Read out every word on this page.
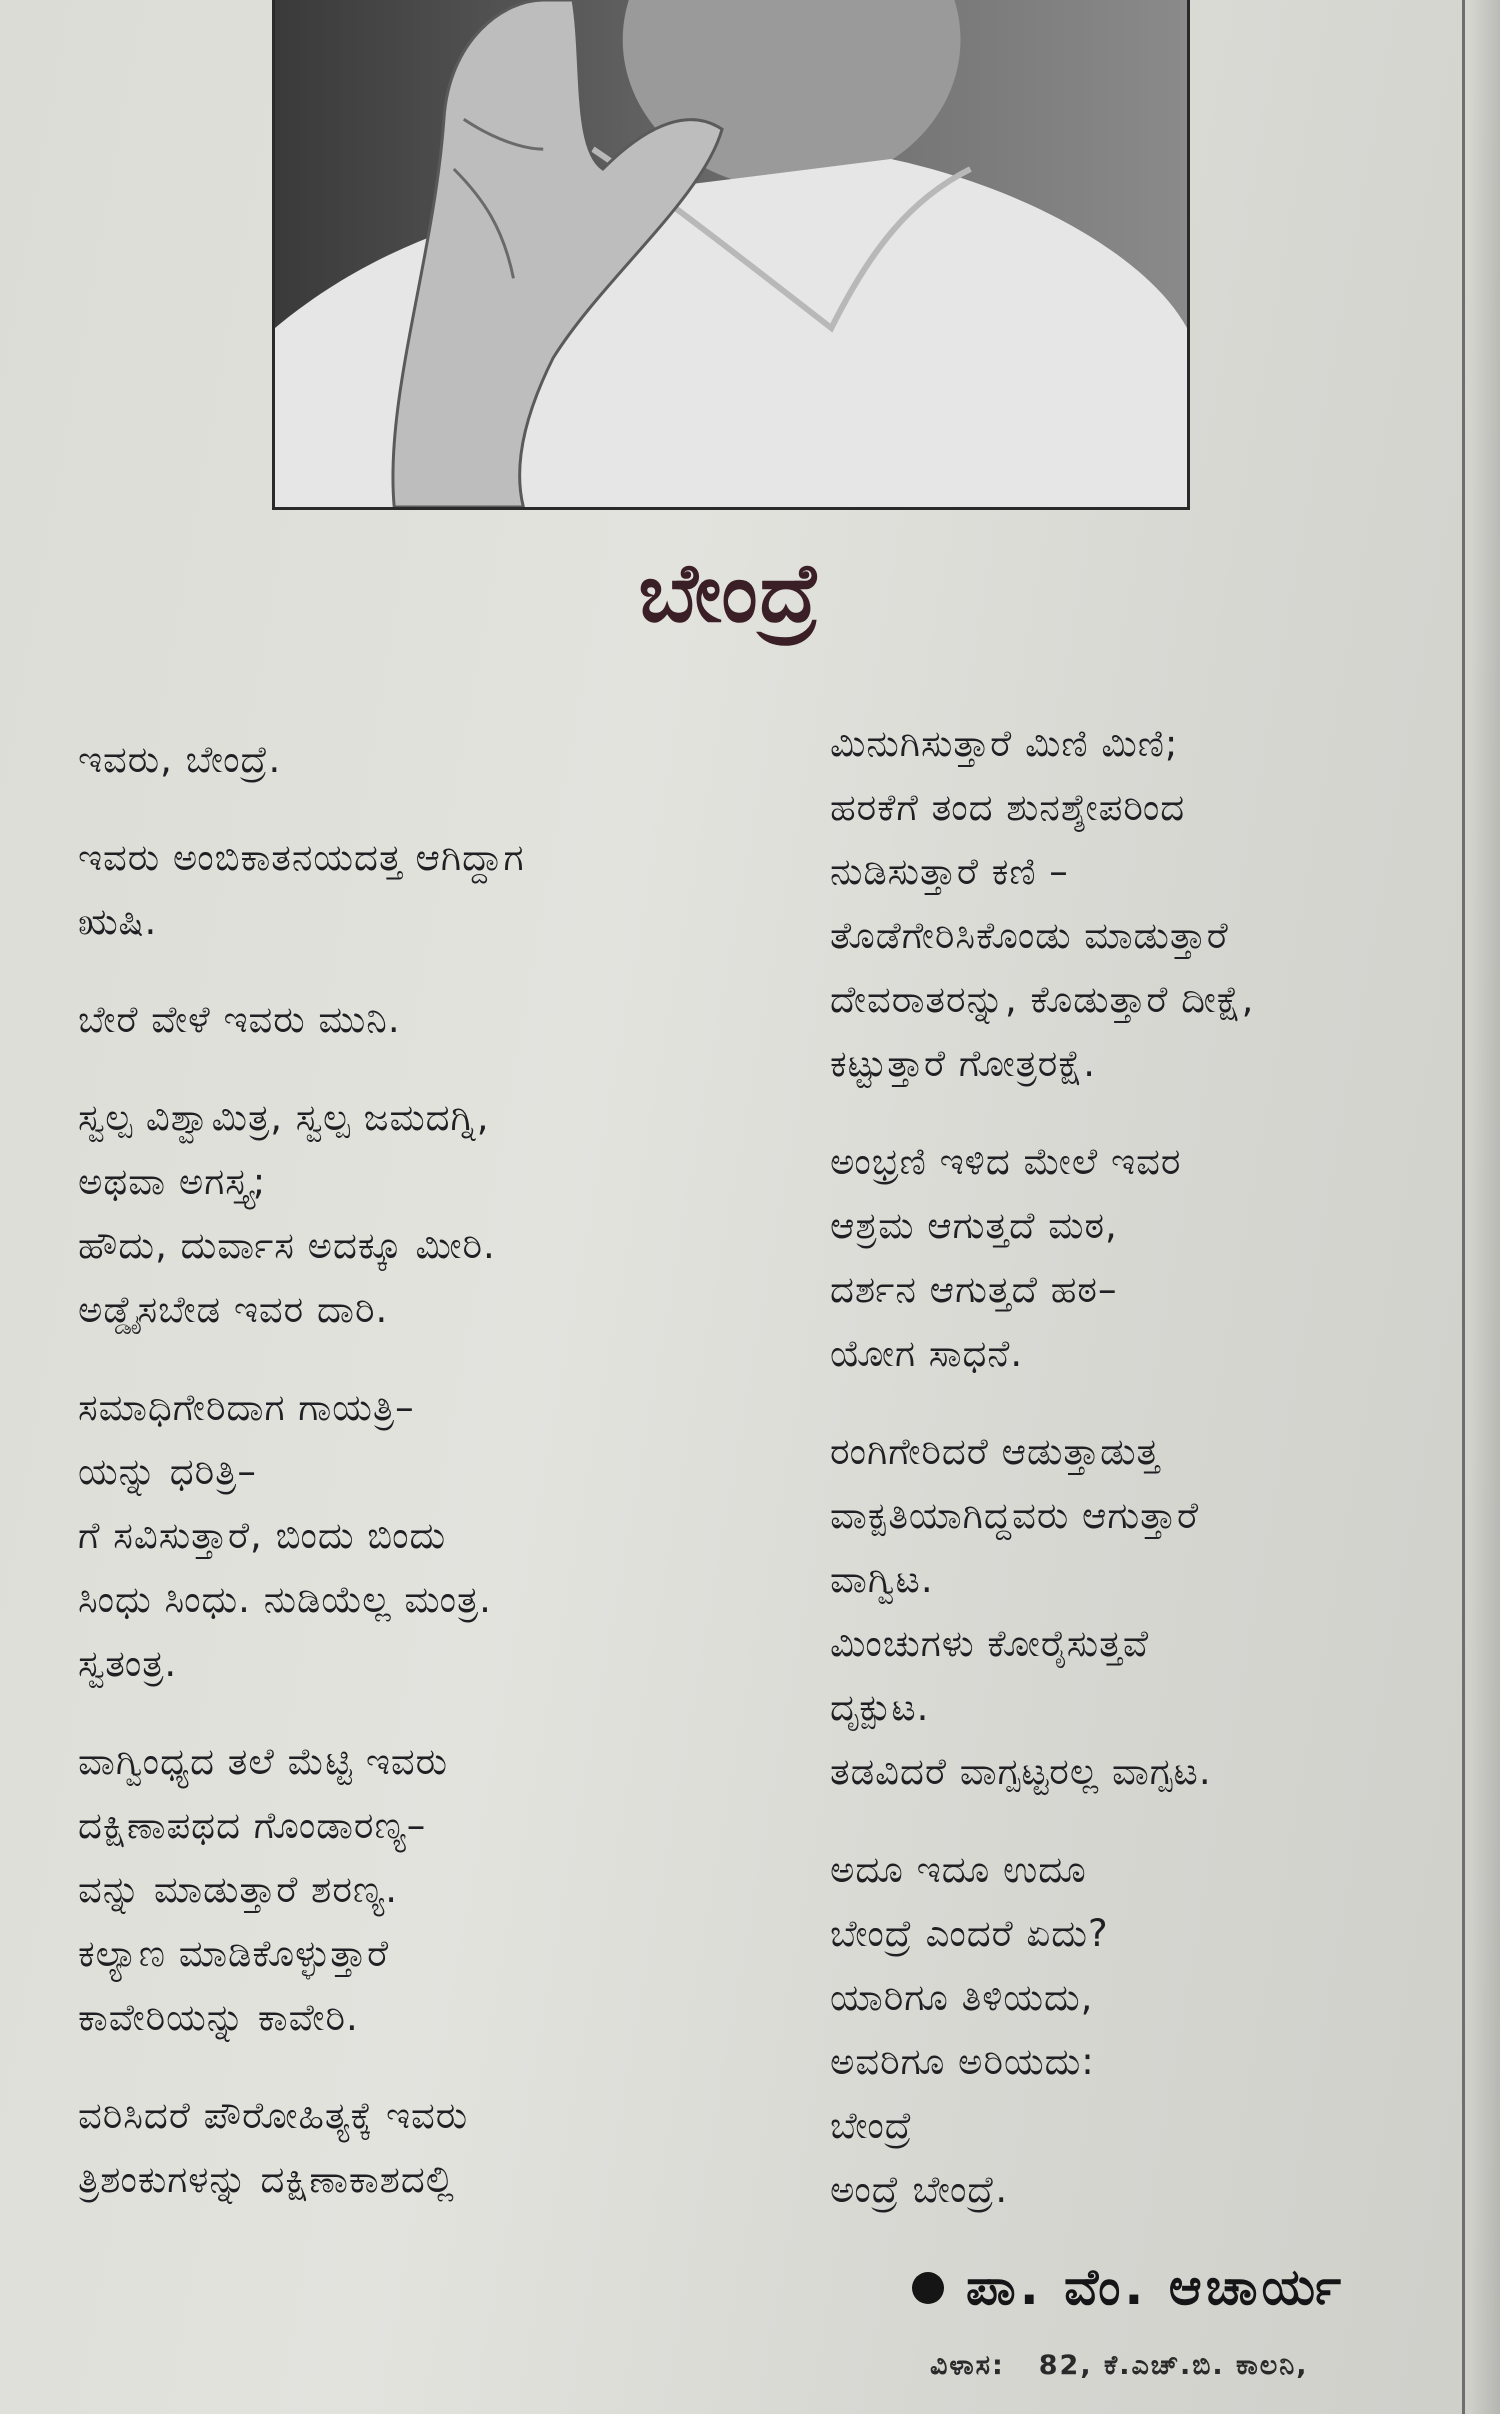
ಬೇಂದ್ರೆ
ಇವರು, ಬೇಂದ್ರೆ.
ಇವರು ಅಂಬಿಕಾತನಯದತ್ತ ಆಗಿದ್ದಾಗ
ಋಷಿ.
ಬೇರೆ ವೇಳೆ ಇವರು ಮುನಿ.
ಸ್ವಲ್ಪ ವಿಶ್ವಾಮಿತ್ರ, ಸ್ವಲ್ಪ ಜಮದಗ್ನಿ,
ಅಥವಾ ಅಗಸ್ತ್ಯ;
ಹೌದು, ದುರ್ವಾಸ ಅದಕ್ಕೂ ಮೀರಿ.
ಅಡ್ಡೈಸಬೇಡ ಇವರ ದಾರಿ.
ಸಮಾಧಿಗೇರಿದಾಗ ಗಾಯತ್ರಿ–
ಯನ್ನು ಧರಿತ್ರಿ–
ಗೆ ಸವಿಸುತ್ತಾರೆ, ಬಿಂದು ಬಿಂದು
ಸಿಂಧು ಸಿಂಧು. ನುಡಿಯೆಲ್ಲ ಮಂತ್ರ.
ಸ್ವತಂತ್ರ.
ವಾಗ್ವಿಂಧ್ಯದ ತಲೆ ಮೆಟ್ಟಿ ಇವರು
ದಕ್ಷಿಣಾಪಥದ ಗೊಂಡಾರಣ್ಯ–
ವನ್ನು ಮಾಡುತ್ತಾರೆ ಶರಣ್ಯ.
ಕಲ್ಯಾಣ ಮಾಡಿಕೊಳ್ಳುತ್ತಾರೆ
ಕಾವೇರಿಯನ್ನು ಕಾವೇರಿ.
ವರಿಸಿದರೆ ಪೌರೋಹಿತ್ಯಕ್ಕೆ ಇವರು
ತ್ರಿಶಂಕುಗಳನ್ನು ದಕ್ಷಿಣಾಕಾಶದಲ್ಲಿ
ಮಿನುಗಿಸುತ್ತಾರೆ ಮಿಣಿ ಮಿಣಿ;
ಹರಕೆಗೆ ತಂದ ಶುನಶ್ಶೇಪರಿಂದ
ನುಡಿಸುತ್ತಾರೆ ಕಣಿ –
ತೊಡೆಗೇರಿಸಿಕೊಂಡು ಮಾಡುತ್ತಾರೆ
ದೇವರಾತರನ್ನು, ಕೊಡುತ್ತಾರೆ ದೀಕ್ಷೆ,
ಕಟ್ಟುತ್ತಾರೆ ಗೋತ್ರರಕ್ಷೆ.
ಅಂಭ್ರಣಿ ಇಳಿದ ಮೇಲೆ ಇವರ
ಆಶ್ರಮ ಆಗುತ್ತದೆ ಮಠ,
ದರ್ಶನ ಆಗುತ್ತದೆ ಹಠ–
ಯೋಗ ಸಾಧನೆ.
ರಂಗಿಗೇರಿದರೆ ಆಡುತ್ತಾಡುತ್ತ
ವಾಕ್ಪತಿಯಾಗಿದ್ದವರು ಆಗುತ್ತಾರೆ
ವಾಗ್ವಿಟ.
ಮಿಂಚುಗಳು ಕೋರೈಸುತ್ತವೆ
ದೃಕ್ಪುಟ.
ತಡವಿದರೆ ವಾಗ್ಪಟ್ಟರಲ್ಲ ವಾಗ್ಪಟ.
ಅದೂ ಇದೂ ಉದೂ
ಬೇಂದ್ರೆ ಎಂದರೆ ಏದು?
ಯಾರಿಗೂ ತಿಳಿಯದು,
ಅವರಿಗೂ ಅರಿಯದು:
ಬೇಂದ್ರೆ
ಅಂದ್ರೆ ಬೇಂದ್ರೆ.
ಪಾ. ವೆಂ. ಆಚಾರ್ಯ
ವಿಳಾಸ: 82, ಕೆ.ಎಚ್.ಬಿ. ಕಾಲನಿ,
